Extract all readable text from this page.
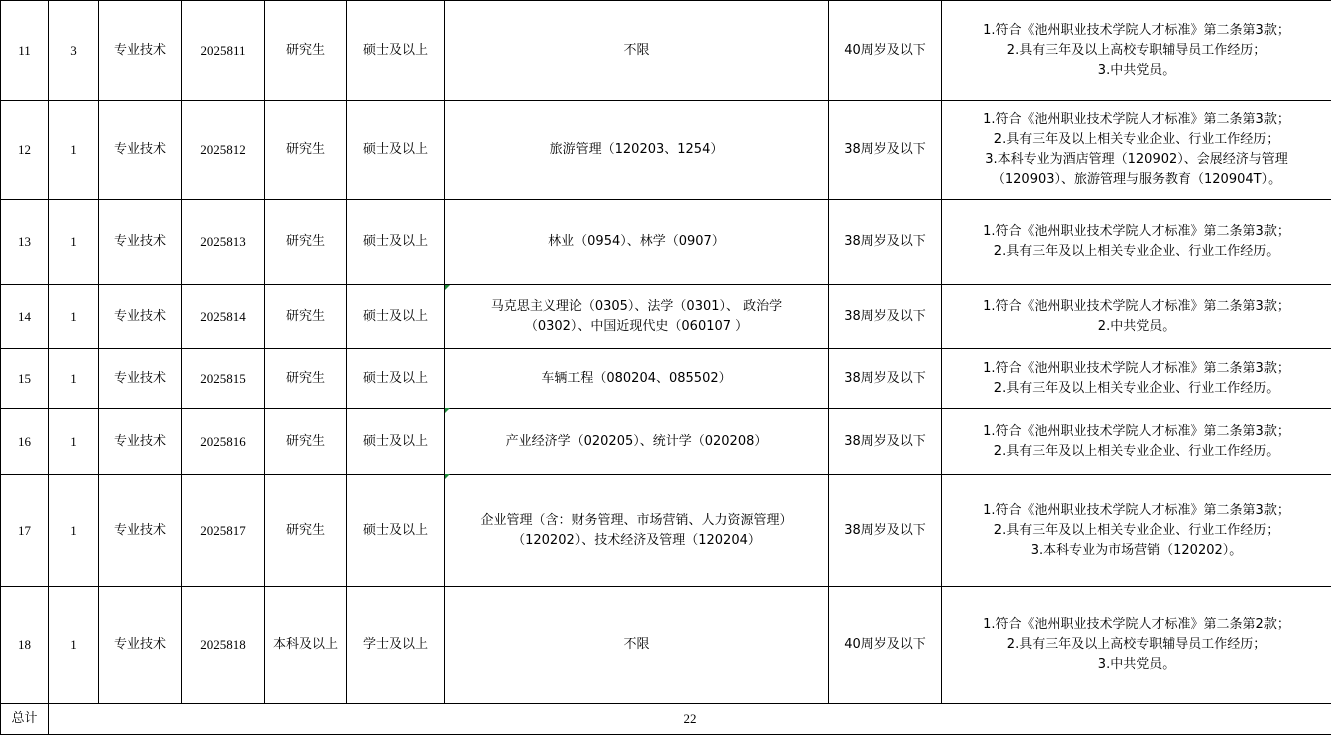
11	3	专业技术	2025811	研究生	硕士及以上	不限	40周岁及以下	1.符合《池州职业技术学院人才标准》第二条第3款；
2.具有三年及以上高校专职辅导员工作经历；
3.中共党员。

12	1	专业技术	2025812	研究生	硕士及以上	旅游管理（120203、1254）	38周岁及以下	1.符合《池州职业技术学院人才标准》第二条第3款；
2.具有三年及以上相关专业企业、行业工作经历；
3.本科专业为酒店管理（120902）、会展经济与管理
（120903）、旅游管理与服务教育（120904T）。

13	1	专业技术	2025813	研究生	硕士及以上	林业（0954）、林学（0907）	38周岁及以下	1.符合《池州职业技术学院人才标准》第二条第3款；
2.具有三年及以上相关专业企业、行业工作经历。

14	1	专业技术	2025814	研究生	硕士及以上	马克思主义理论（0305）、法学（0301）、 政治学
（0302）、中国近现代史（060107 ）	38周岁及以下	1.符合《池州职业技术学院人才标准》第二条第3款；
2.中共党员。

15	1	专业技术	2025815	研究生	硕士及以上	车辆工程（080204、085502）	38周岁及以下	1.符合《池州职业技术学院人才标准》第二条第3款；
2.具有三年及以上相关专业企业、行业工作经历。

16	1	专业技术	2025816	研究生	硕士及以上	产业经济学（020205）、统计学（020208）	38周岁及以下	1.符合《池州职业技术学院人才标准》第二条第3款；
2.具有三年及以上相关专业企业、行业工作经历。

17	1	专业技术	2025817	研究生	硕士及以上	企业管理（含：财务管理、市场营销、人力资源管理）
（120202）、技术经济及管理（120204）	38周岁及以下	1.符合《池州职业技术学院人才标准》第二条第3款；
2.具有三年及以上相关专业企业、行业工作经历；
3.本科专业为市场营销（120202）。

18	1	专业技术	2025818	本科及以上	学士及以上	不限	40周岁及以下	1.符合《池州职业技术学院人才标准》第二条第2款；
2.具有三年及以上高校专职辅导员工作经历；
3.中共党员。

总计	22							
